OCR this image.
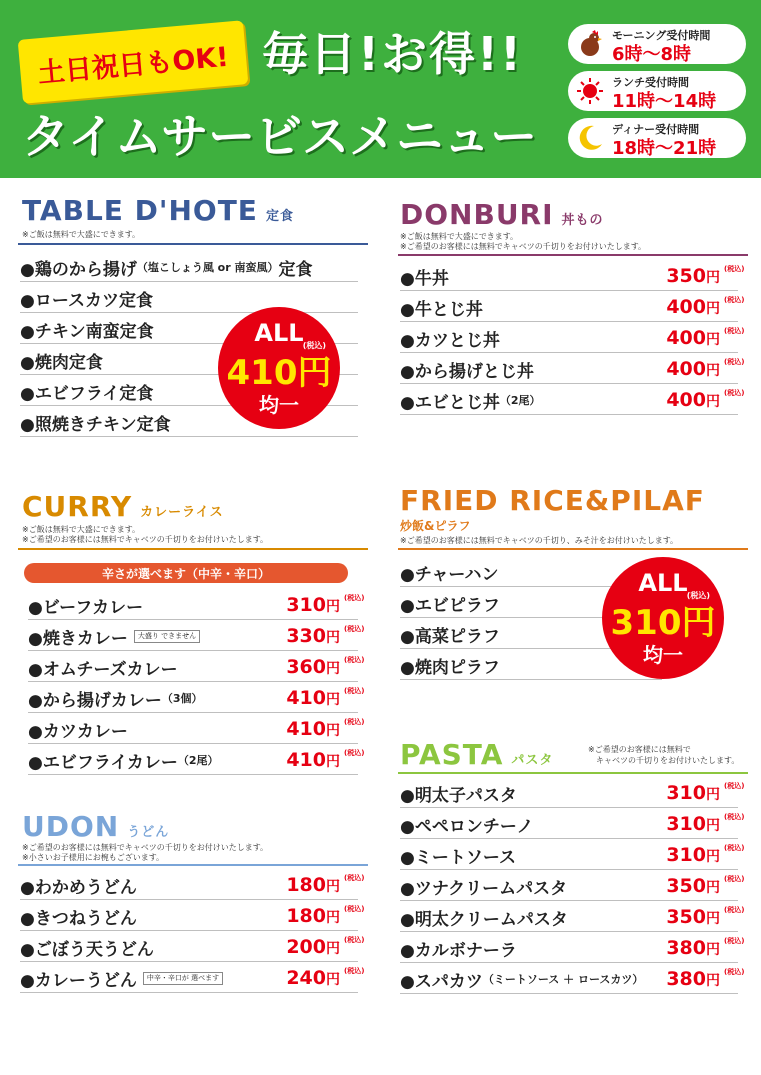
土日祝日もOK! 毎日!お得!!
タイムサービスメニュー
モーニング受付時間
6時〜8時
ランチ受付時間
11時〜14時
ディナー受付時間
18時〜21時
TABLE D'HOTE 定食
※ご飯は無料で大盛にできます。
●鶏のから揚げ （塩こしょう風 or 南蛮風） 定食
●ロースカツ定食
●チキン南蛮定食
●焼肉定食
●エビフライ定食
●照焼きチキン定食
ALL
410円
(税込)
均一
DONBURI 丼もの
※ご飯は無料で大盛にできます。
※ご希望のお客様には無料でキャベツの千切りをお付けいたします。
●牛丼	350円
(税込)
●牛とじ丼	400円
(税込)
●カツとじ丼	400円
(税込)
●から揚げとじ丼	400円
(税込)
●エビとじ丼 （2尾）	400円
(税込)
CURRY カレーライス
※ご飯は無料で大盛にできます。
※ご希望のお客様には無料でキャベツの千切りをお付けいたします。
辛さが選べます（中辛・辛口）
●ビーフカレー	310円
(税込)
●焼きカレー	大盛り できません	330円
(税込)
●オムチーズカレー	360円
(税込)
●から揚げカレー （3個）	410円
(税込)
●カツカレー	410円
(税込)
●エビフライカレー （2尾）	410円
(税込)
FRIED RICE&PILAF
炒飯&ピラフ
※ご希望のお客様には無料でキャベツの千切り、みそ汁をお付けいたします。
●チャーハン
●エビピラフ
●高菜ピラフ
●焼肉ピラフ
ALL
310円
(税込)
均一
UDON うどん
※ご希望のお客様には無料でキャベツの千切りをお付けいたします。
※小さいお子様用にお椀もございます。
●わかめうどん	180円
(税込)
●きつねうどん	180円
(税込)
●ごぼう天うどん	200円
(税込)
●カレーうどん	中辛・辛口が 選べます	240円
(税込)
PASTA パスタ
※ご希望のお客様には無料で
キャベツの千切りをお付けいたします。
●明太子パスタ	310円
(税込)
●ペペロンチーノ	310円
(税込)
●ミートソース	310円
(税込)
●ツナクリームパスタ	350円
(税込)
●明太クリームパスタ	350円
(税込)
●カルボナーラ	380円
(税込)
●スパカツ （ミートソース ＋ ロースカツ） 380円
(税込)
